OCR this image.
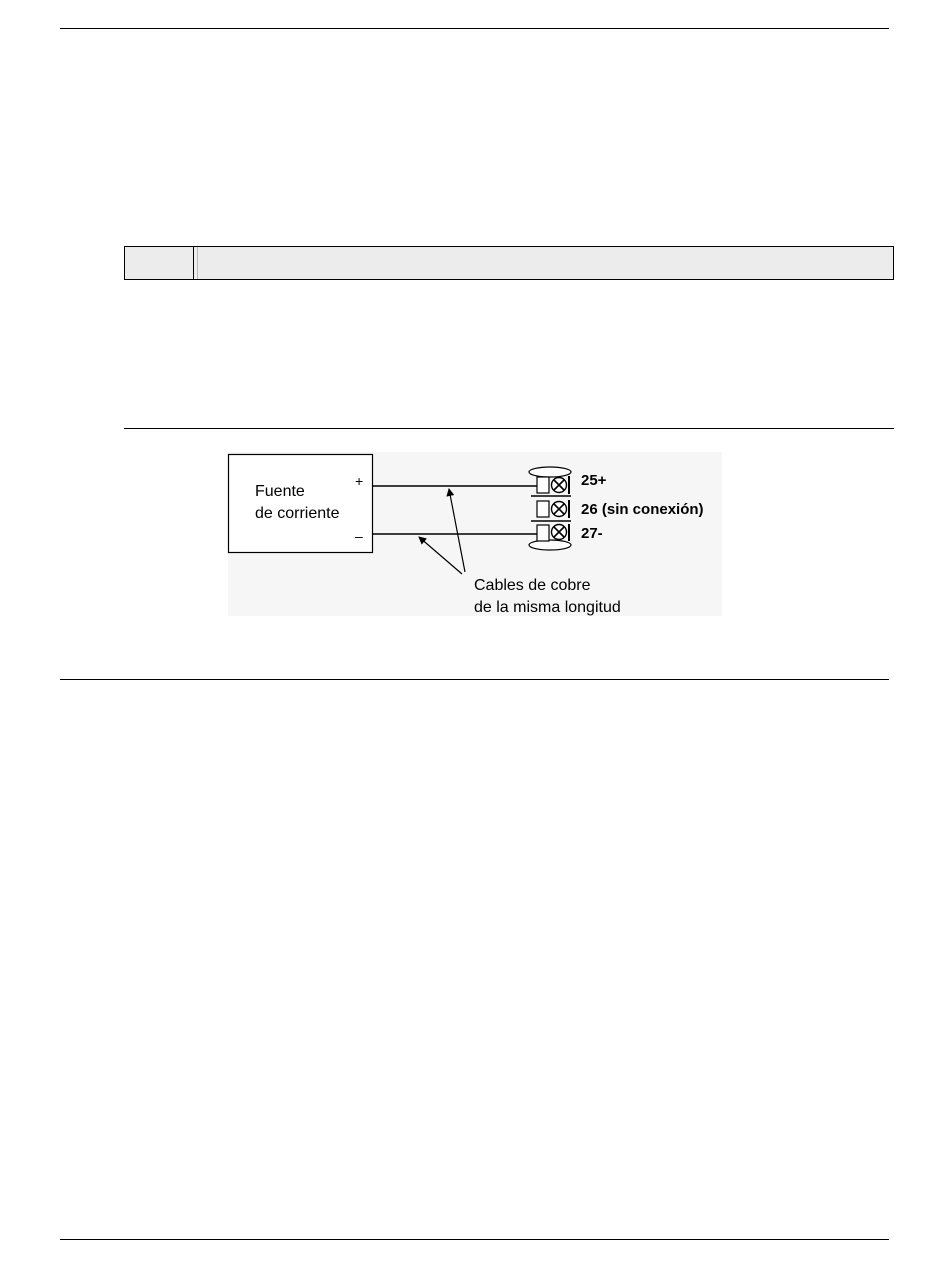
Fuente
de corriente
+
–
25+
26 (sin conexión)
27-
Cables de cobre
de la misma longitud
